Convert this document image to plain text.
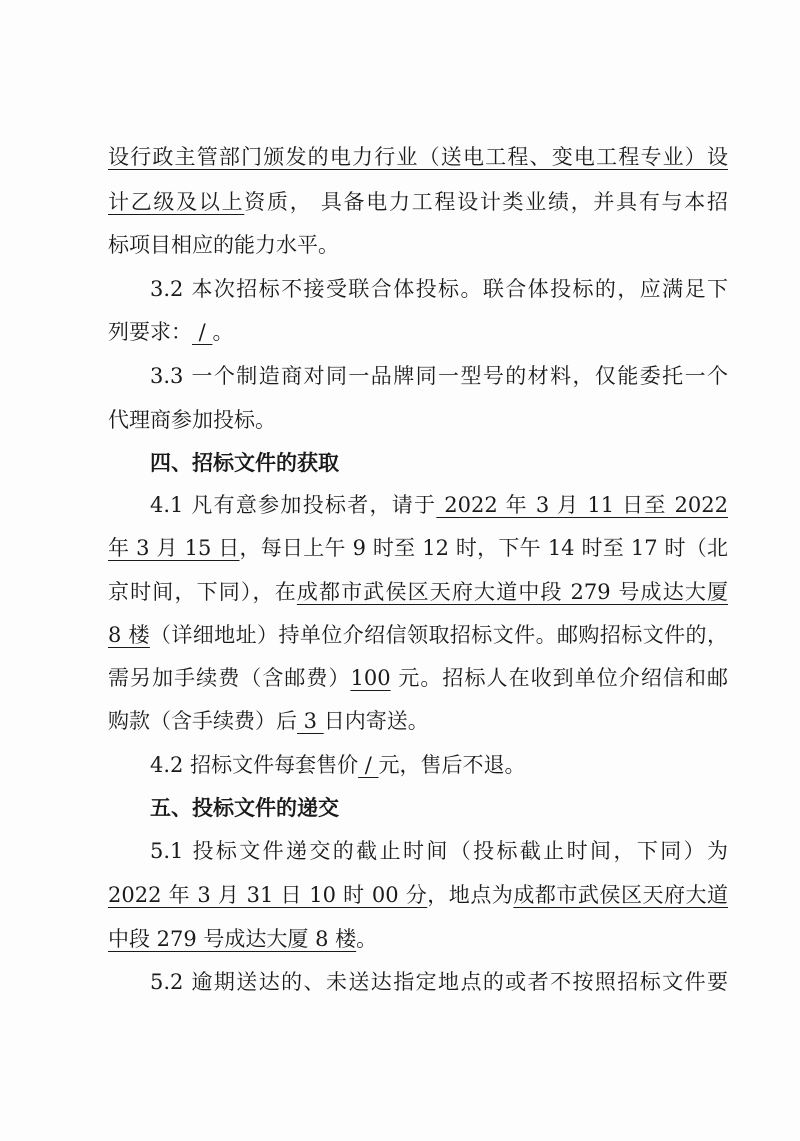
设行政主管部门颁发的电力行业（送电工程、变电工程专业）设
计乙级及以上资质， 具备电力工程设计类业绩，并具有与本招
标项目相应的能力水平。
3.2 本次招标不接受联合体投标。联合体投标的，应满足下
列要求： / 。
3.3 一个制造商对同一品牌同一型号的材料，仅能委托一个
代理商参加投标。
四、招标文件的获取
4.1 凡有意参加投标者，请于 2022 年 3 月 11 日至 2022
年 3 月 15 日，每日上午 9 时至 12 时，下午 14 时至 17 时（北
京时间，下同），在成都市武侯区天府大道中段 279 号成达大厦
8 楼（详细地址）持单位介绍信领取招标文件。邮购招标文件的，
需另加手续费（含邮费）100 元。招标人在收到单位介绍信和邮
购款（含手续费）后 3 日内寄送。
4.2 招标文件每套售价 / 元，售后不退。
五、投标文件的递交
5.1 投标文件递交的截止时间（投标截止时间，下同）为
2022 年 3 月 31 日 10 时 00 分，地点为成都市武侯区天府大道
中段 279 号成达大厦 8 楼。
5.2 逾期送达的、未送达指定地点的或者不按照招标文件要
